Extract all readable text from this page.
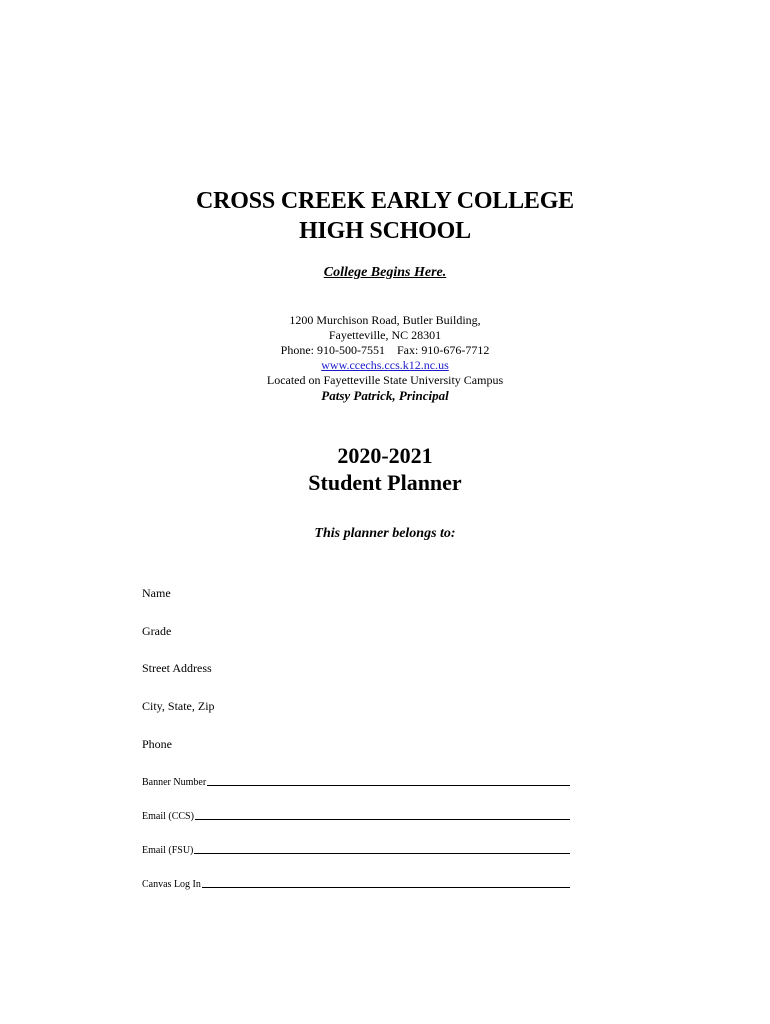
CROSS CREEK EARLY COLLEGE
HIGH SCHOOL
College Begins Here.
1200 Murchison Road, Butler Building,
Fayetteville, NC 28301
Phone: 910-500-7551    Fax: 910-676-7712
www.ccechs.ccs.k12.nc.us
Located on Fayetteville State University Campus
Patsy Patrick, Principal
2020-2021
Student Planner
This planner belongs to:
Name
Grade
Street Address
City, State, Zip
Phone
Banner Number
Email (CCS)
Email (FSU)
Canvas Log In
